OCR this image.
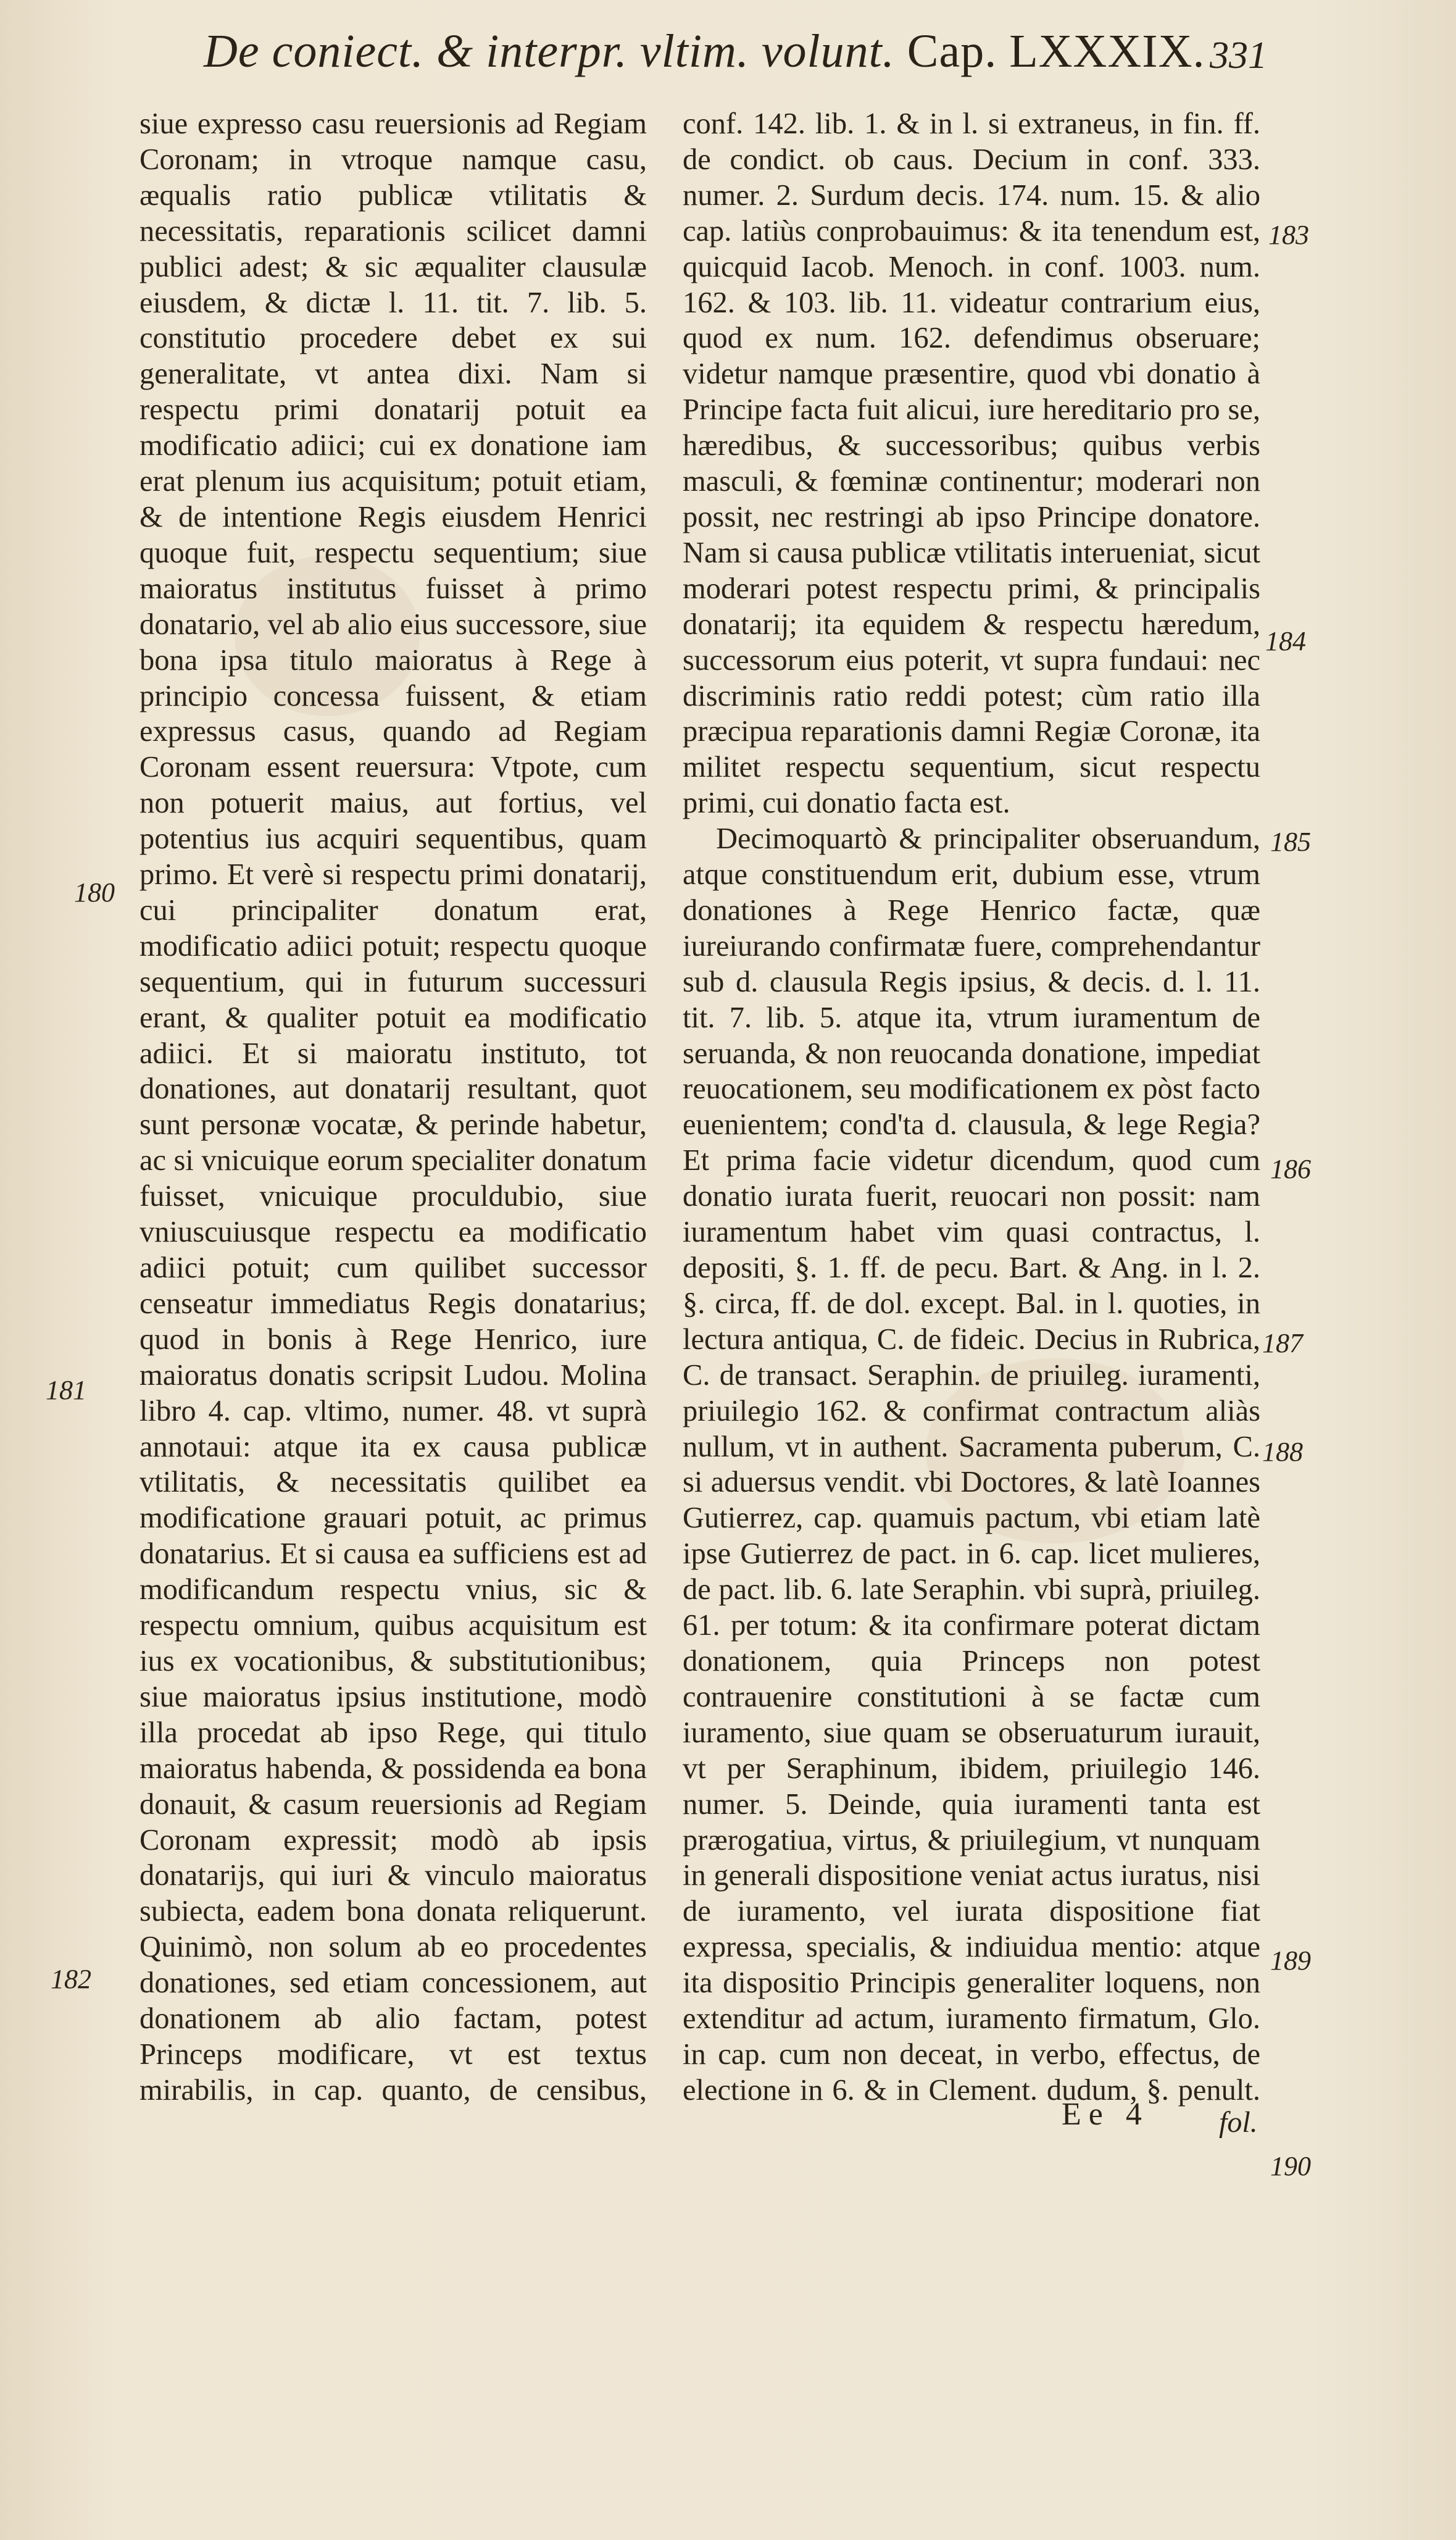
De coniect. & interpr. vltim. volunt. Cap. LXXXIX. 331

siue expresso casu reuersionis ad Regiam Coronam; in vtroque namque casu, æqualis ratio publicæ vtilitatis & necessitatis, reparationis scilicet damni publici adest; & sic æqualiter clausulæ eiusdem, & dictæ l. 11. tit. 7. lib. 5. constitutio procedere debet ex sui generalitate, vt antea dixi. Nam si respectu primi donatarij potuit ea modificatio adiici; cui ex donatione iam erat plenum ius acquisitum; potuit etiam, & de intentione Regis eiusdem Henrici quoque fuit, respectu sequentium; siue maioratus institutus fuisset à primo donatario, vel ab alio eius successore, siue bona ipsa titulo maioratus à Rege à principio concessa fuissent, & etiam expressus casus, quando ad Regiam Coronam essent reuersura: Vtpote, cum non potuerit maius, aut fortius, vel potentius ius acquiri sequentibus, quam primo. Et verè si respectu primi donatarij, cui principaliter donatum erat, modificatio adiici potuit; respectu quoque sequentium, qui in futurum successuri erant, & qualiter potuit ea modificatio adiici. Et si maioratu instituto, tot donationes, aut donatarij resultant, quot sunt personæ vocatæ, & perinde habetur, ac si vnicuique eorum specialiter donatum fuisset, vnicuique proculdubio, siue vniuscuiusque respectu ea modificatio adiici potuit; cum quilibet successor censeatur immediatus Regis donatarius; quod in bonis à Rege Henrico, iure maioratus donatis scripsit Ludou. Molina libro 4. cap. vltimo, numer. 48. vt suprà annotaui: atque ita ex causa publicæ vtilitatis, & necessitatis quilibet ea modificatione grauari potuit, ac primus donatarius. Et si causa ea sufficiens est ad modificandum respectu vnius, sic & respectu omnium, quibus acquisitum est ius ex vocationibus, & substitutionibus; siue maioratus ipsius institutione, modò illa procedat ab ipso Rege, qui titulo maioratus habenda, & possidenda ea bona donauit, & casum reuersionis ad Regiam Coronam expressit; modò ab ipsis donatarijs, qui iuri & vinculo maioratus subiecta, eadem bona donata reliquerunt. Quinimò, non solum ab eo procedentes donationes, sed etiam concessionem, aut donationem ab alio factam, potest Princeps modificare, vt est textus mirabilis, in cap. quanto, de censibus,

conf. 142. lib. 1. & in l. si extraneus, in fin. ff. de condict. ob caus. Decium in conf. 333. numer. 2. Surdum decis. 174. num. 15. & alio cap. latiùs conprobauimus: & ita tenendum est, quicquid Iacob. Menoch. in conf. 1003. num. 162. & 103. lib. 11. videatur contrarium eius, quod ex num. 162. defendimus obseruare; videtur namque præsentire, quod vbi donatio à Principe facta fuit alicui, iure hereditario pro se, hæredibus, & successoribus; quibus verbis masculi, & fœminæ continentur; moderari non possit, nec restringi ab ipso Principe donatore. Nam si causa publicæ vtilitatis interueniat, sicut moderari potest respectu primi, & principalis donatarij; ita equidem & respectu hæredum, successorum eius poterit, vt supra fundaui: nec discriminis ratio reddi potest; cùm ratio illa præcipua reparationis damni Regiæ Coronæ, ita militet respectu sequentium, sicut respectu primi, cui donatio facta est.

Decimoquartò & principaliter obseruandum, atque constituendum erit, dubium esse, vtrum donationes à Rege Henrico factæ, quæ iureiurando confirmatæ fuere, comprehendantur sub d. clausula Regis ipsius, & decis. d. l. 11. tit. 7. lib. 5. atque ita, vtrum iuramentum de seruanda, & non reuocanda donatione, impediat reuocationem, seu modificationem ex pòst facto euenientem; cond'ta d. clausula, & lege Regia? Et prima facie videtur dicendum, quod cum donatio iurata fuerit, reuocari non possit: nam iuramentum habet vim quasi contractus, l. depositi, §. 1. ff. de pecu. Bart. & Ang. in l. 2. §. circa, ff. de dol. except. Bal. in l. quoties, in lectura antiqua, C. de fideic. Decius in Rubrica, C. de transact. Seraphin. de priuileg. iuramenti, priuilegio 162. & confirmat contractum aliàs nullum, vt in authent. Sacramenta puberum, C. si aduersus vendit. vbi Doctores, & latè Ioannes Gutierrez, cap. quamuis pactum, vbi etiam latè ipse Gutierrez de pact. in 6. cap. licet mulieres, de pact. lib. 6. late Seraphin. vbi suprà, priuileg. 61. per totum: & ita confirmare poterat dictam donationem, quia Princeps non potest contrauenire constitutioni à se factæ cum iuramento, siue quam se obseruaturum iurauit, vt per Seraphinum, ibidem, priuilegio 146. numer. 5. Deinde, quia iuramenti tanta est prærogatiua, virtus, & priuilegium, vt nunquam in generali dispositione veniat actus iuratus, nisi de iuramento, vel iurata dispositione fiat expressa, specialis, & indiuidua mentio: atque ita dispositio Principis generaliter loquens, non extenditur ad actum, iuramento firmatum, Glo. in cap. cum non deceat, in verbo, effectus, de electione in 6. & in Clement. dudum, §. penult.

180
181
182
183
184
185
186
187
188
189
190
Ee 4 fol.
